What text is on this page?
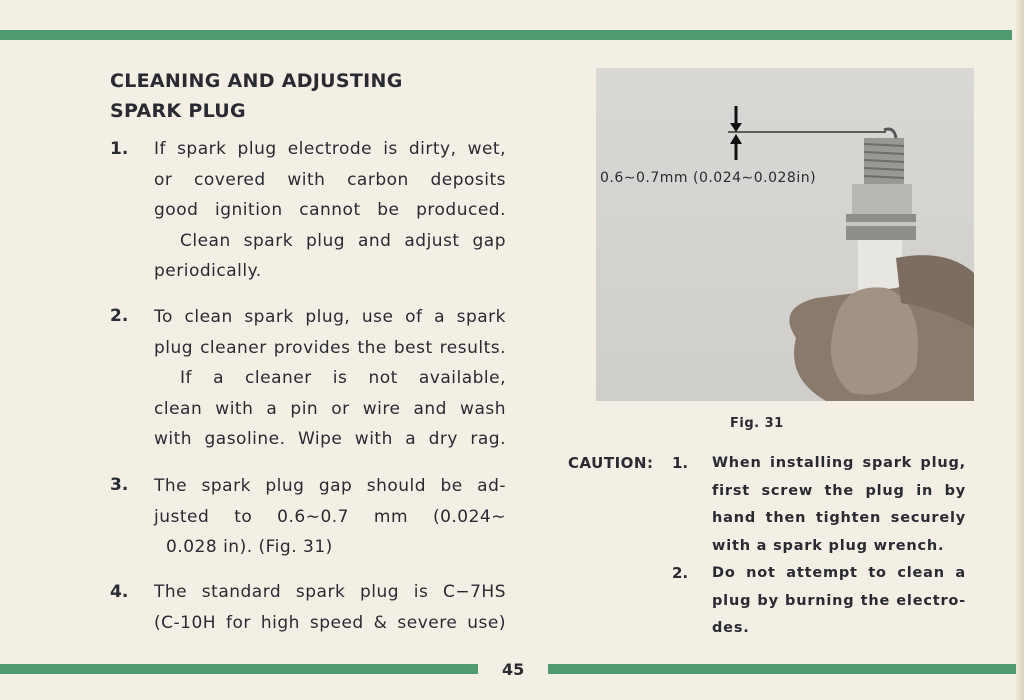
CLEANING AND ADJUSTING
SPARK PLUG
1. If spark plug electrode is dirty, wet,
or covered with carbon deposits
good ignition cannot be produced.
Clean spark plug and adjust gap
periodically.
2. To clean spark plug, use of a spark
plug cleaner provides the best results.
If a cleaner is not available,
clean with a pin or wire and wash
with gasoline. Wipe with a dry rag.
3. The spark plug gap should be ad-
justed to 0.6∼0.7 mm (0.024∼
0.028 in). (Fig. 31)
4. The standard spark plug is C−7HS
(C-10H for high speed & severe use)
0.6∼0.7mm (0.024∼0.028in)
Fig. 31
CAUTION: 1. When installing spark plug,
first screw the plug in by
hand then tighten securely
with a spark plug wrench.
2. Do not attempt to clean a
plug by burning the electro-
des.
45
